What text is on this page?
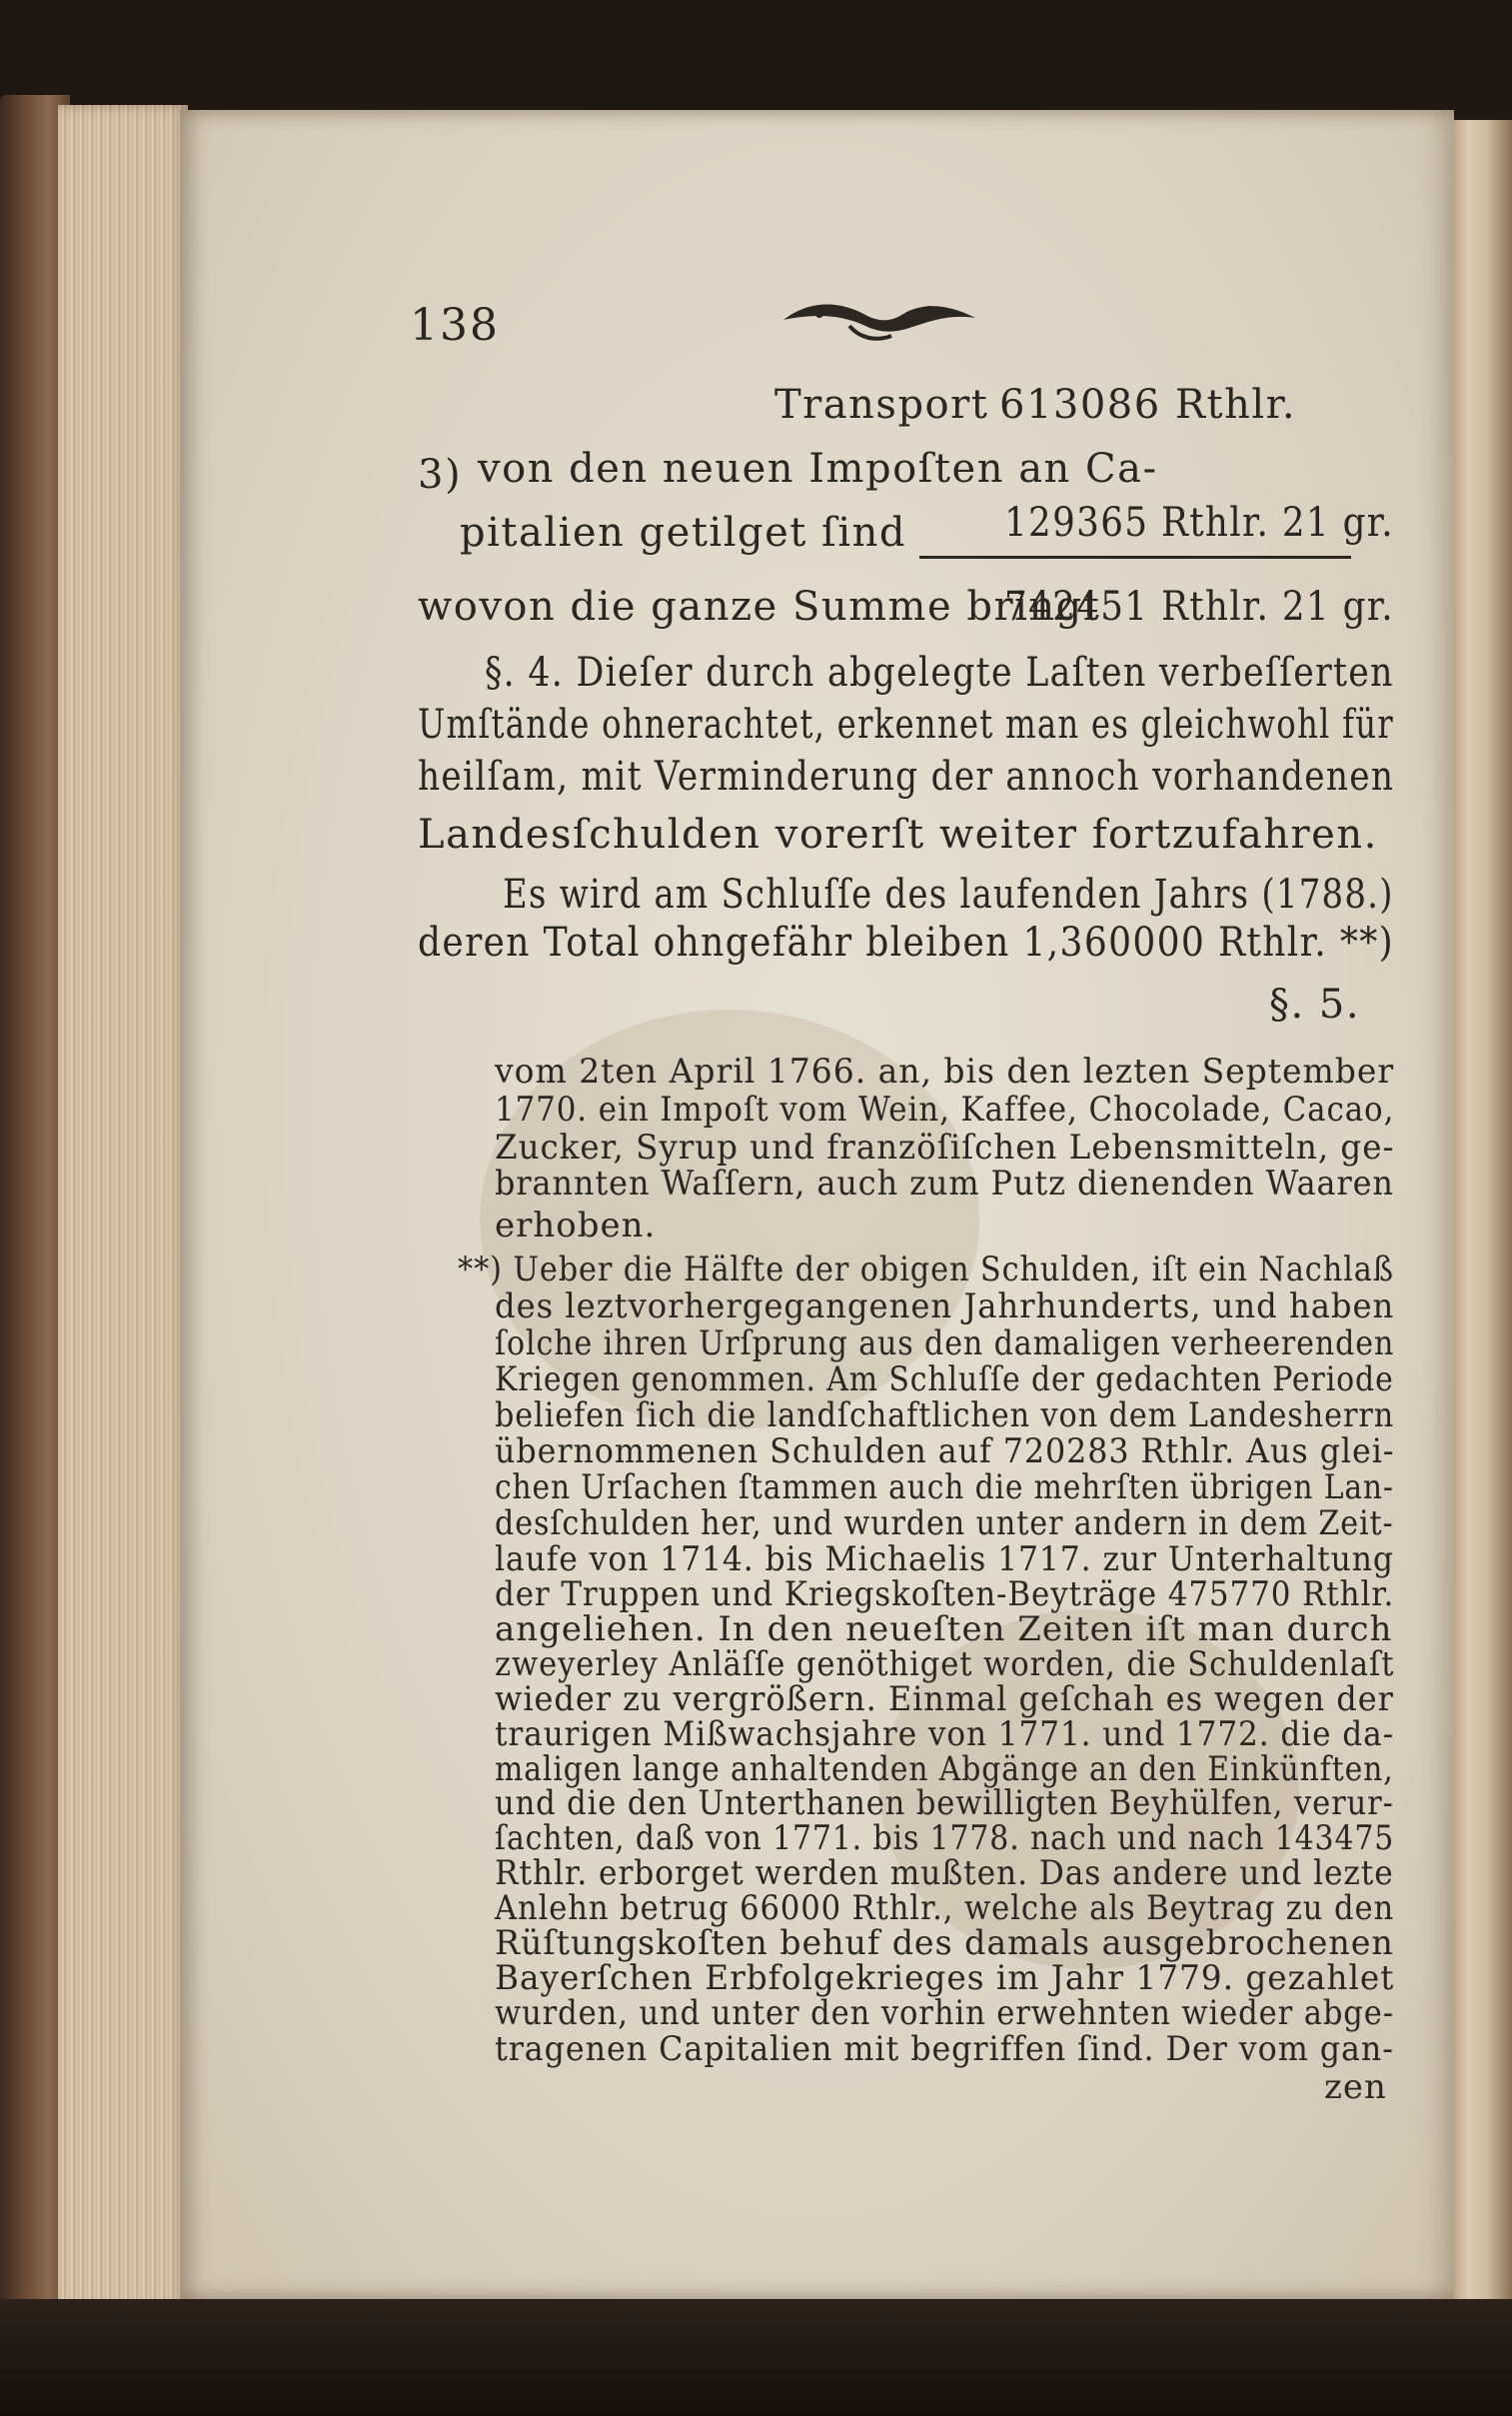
138
Transport 613086 Rthlr.
3) von den neuen Impoſten an Ca-
pitalien getilget ſind 129365 Rthlr. 21 gr.
wovon die ganze Summe bringt
742451 Rthlr. 21 gr.
§. 4. Dieſer durch abgelegte Laſten verbeſſerten
Umſtände ohnerachtet, erkennet man es gleichwohl für
heilſam, mit Verminderung der annoch vorhandenen
Landesſchulden vorerſt weiter fortzufahren.
Es wird am Schluſſe des laufenden Jahrs (1788.)
deren Total ohngefähr bleiben 1,360000 Rthlr. **)
§. 5.
vom 2ten April 1766. an, bis den lezten September
1770. ein Impoſt vom Wein, Kaffee, Chocolade, Cacao,
Zucker, Syrup und franzöſiſchen Lebensmitteln, ge-
brannten Waſſern, auch zum Putz dienenden Waaren
erhoben.
**) Ueber die Hälfte der obigen Schulden, iſt ein Nachlaß
des leztvorhergegangenen Jahrhunderts, und haben
ſolche ihren Urſprung aus den damaligen verheerenden
Kriegen genommen. Am Schluſſe der gedachten Periode
beliefen ſich die landſchaftlichen von dem Landesherrn
übernommenen Schulden auf 720283 Rthlr. Aus glei-
chen Urſachen ſtammen auch die mehrſten übrigen Lan-
desſchulden her, und wurden unter andern in dem Zeit-
laufe von 1714. bis Michaelis 1717. zur Unterhaltung
der Truppen und Kriegskoſten-Beyträge 475770 Rthlr.
angeliehen. In den neueſten Zeiten iſt man durch
zweyerley Anläſſe genöthiget worden, die Schuldenlaſt
wieder zu vergrößern. Einmal geſchah es wegen der
traurigen Mißwachsjahre von 1771. und 1772. die da-
maligen lange anhaltenden Abgänge an den Einkünften,
und die den Unterthanen bewilligten Beyhülfen, verur-
ſachten, daß von 1771. bis 1778. nach und nach 143475
Rthlr. erborget werden mußten. Das andere und lezte
Anlehn betrug 66000 Rthlr., welche als Beytrag zu den
Rüſtungskoſten behuf des damals ausgebrochenen
Bayerſchen Erbfolgekrieges im Jahr 1779. gezahlet
wurden, und unter den vorhin erwehnten wieder abge-
tragenen Capitalien mit begriffen ſind. Der vom gan-
zen
